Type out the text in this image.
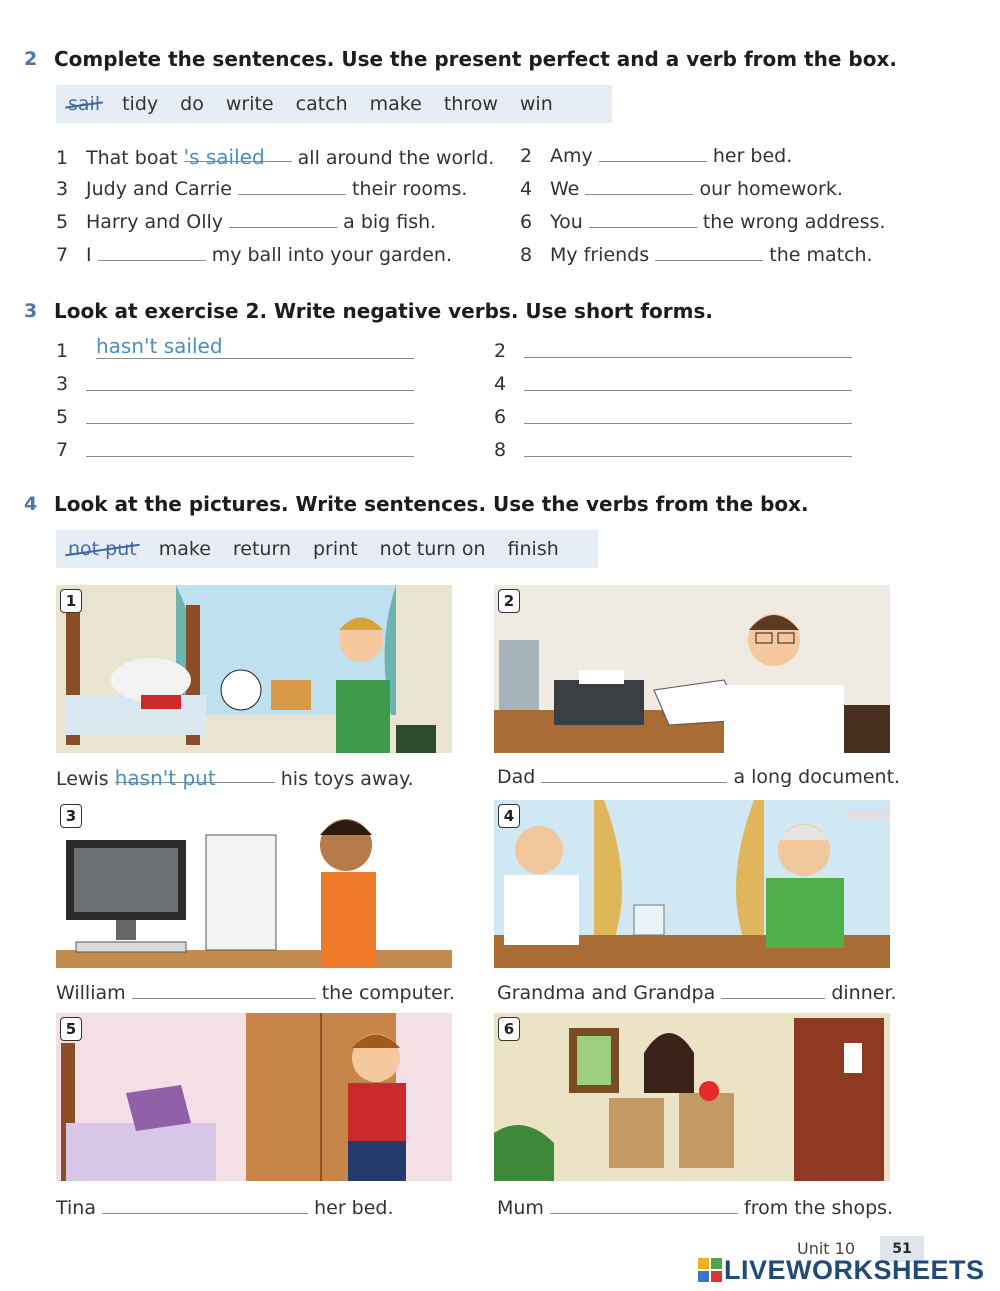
2 Complete the sentences. Use the present perfect and a verb from the box.
sail tidy do write catch make throw win
1 That boat 's sailed all around the world.
3 Judy and Carrie	their rooms.
5 Harry and Olly	a big fish.
7 I	my ball into your garden.
2 Amy	her bed.
4 We	our homework.
6 You	the wrong address.
8 My friends	the match.
3 Look at exercise 2. Write negative verbs. Use short forms.
1 hasn't sailed	2
3	4
5	6
7	8
4 Look at the pictures. Write sentences. Use the verbs from the box.
not put make return print not turn on finish
1	2
Lewis hasn't put	his toys away.	Dad	a long document.
3	4
William	the computer. Grandma and Grandpa	dinner.
5	6
Tina	her bed.	Mum	from the shops.
Unit 10	51
LIVEWORKSHEETS
